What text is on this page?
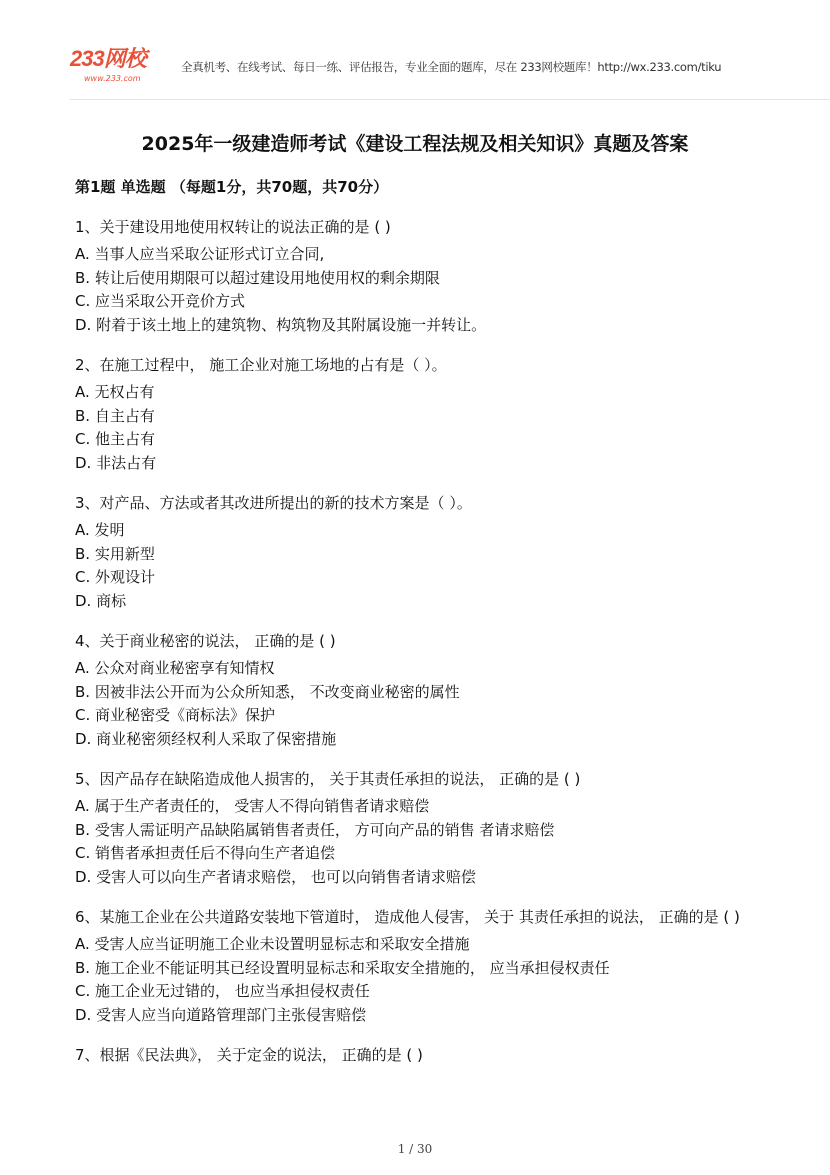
233网校
www.233.com
全真机考、在线考试、每日一练、评估报告，专业全面的题库，尽在 233网校题库！http://wx.233.com/tiku
2025年一级建造师考试《建设工程法规及相关知识》真题及答案
第1题 单选题 （每题1分，共70题，共70分）
1、关于建设用地使用权转让的说法正确的是 ( )
A. 当事人应当采取公证形式订立合同,
B. 转让后使用期限可以超过建设用地使用权的剩余期限
C. 应当采取公开竞价方式
D. 附着于该土地上的建筑物、构筑物及其附属设施一并转让。
2、在施工过程中， 施工企业对施工场地的占有是（ ）。
A. 无权占有
B. 自主占有
C. 他主占有
D. 非法占有
3、对产品、方法或者其改进所提出的新的技术方案是（ ）。
A. 发明
B. 实用新型
C. 外观设计
D. 商标
4、关于商业秘密的说法， 正确的是 ( )
A. 公众对商业秘密享有知情权
B. 因被非法公开而为公众所知悉， 不改变商业秘密的属性
C. 商业秘密受《商标法》保护
D. 商业秘密须经权利人采取了保密措施
5、因产品存在缺陷造成他人损害的， 关于其责任承担的说法， 正确的是 ( )
A. 属于生产者责任的， 受害人不得向销售者请求赔偿
B. 受害人需证明产品缺陷属销售者责任， 方可向产品的销售 者请求赔偿
C. 销售者承担责任后不得向生产者追偿
D. 受害人可以向生产者请求赔偿， 也可以向销售者请求赔偿
6、某施工企业在公共道路安装地下管道时， 造成他人侵害， 关于 其责任承担的说法， 正确的是 ( )
A. 受害人应当证明施工企业未设置明显标志和采取安全措施
B. 施工企业不能证明其已经设置明显标志和采取安全措施的， 应当承担侵权责任
C. 施工企业无过错的， 也应当承担侵权责任
D. 受害人应当向道路管理部门主张侵害赔偿
7、根据《民法典》， 关于定金的说法， 正确的是 ( )
1 / 30
